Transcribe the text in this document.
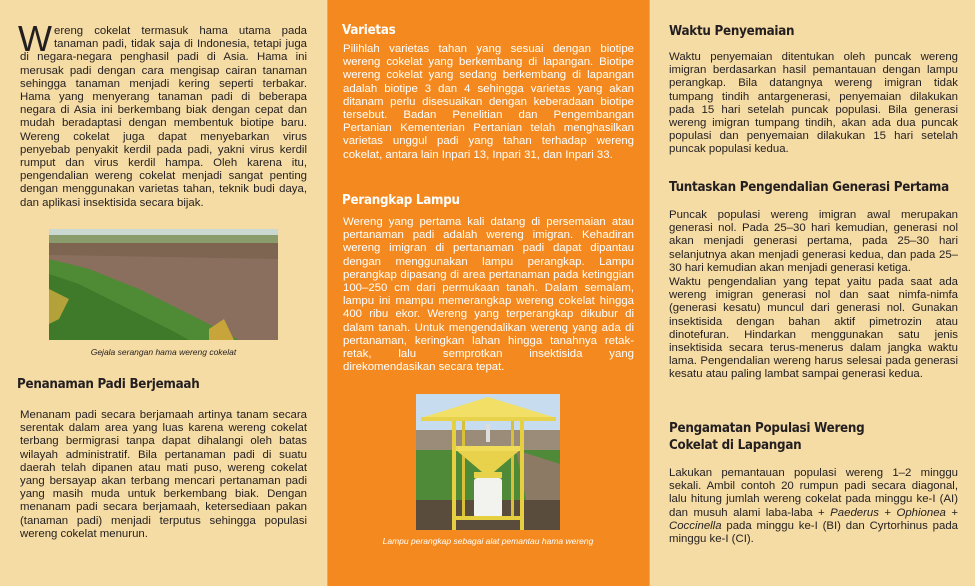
Wereng cokelat termasuk hama utama pada tanaman padi, tidak saja di Indonesia, tetapi juga di negara-negara penghasil padi di Asia. Hama ini merusak padi dengan cara mengisap cairan tanaman sehingga tanaman menjadi kering seperti terbakar. Hama yang menyerang tanaman padi di beberapa negara di Asia ini berkembang biak dengan cepat dan mudah beradaptasi dengan membentuk biotipe baru. Wereng cokelat juga dapat menyebarkan virus penyebab penyakit kerdil pada padi, yakni virus kerdil rumput dan virus kerdil hampa. Oleh karena itu, pengendalian wereng cokelat menjadi sangat penting dengan menggunakan varietas tahan, teknik budi daya, dan aplikasi insektisida secara bijak.

Gejala serangan hama wereng cokelat

Penanaman Padi Berjemaah

Menanam padi secara berjamaah artinya tanam secara serentak dalam area yang luas karena wereng cokelat terbang bermigrasi tanpa dapat dihalangi oleh batas wilayah administratif. Bila pertanaman padi di suatu daerah telah dipanen atau mati puso, wereng cokelat yang bersayap akan terbang mencari pertanaman padi yang masih muda untuk berkembang biak. Dengan menanam padi secara berjamaah, ketersediaan pakan (tanaman padi) menjadi terputus sehingga populasi wereng cokelat menurun.

Varietas

Pilihlah varietas tahan yang sesuai dengan biotipe wereng cokelat yang berkembang di lapangan. Biotipe wereng cokelat yang sedang berkembang di lapangan adalah biotipe 3 dan 4 sehingga varietas yang akan ditanam perlu disesuaikan dengan keberadaan biotipe tersebut. Badan Penelitian dan Pengembangan Pertanian Kementerian Pertanian telah menghasilkan varietas unggul padi yang tahan terhadap wereng cokelat, antara lain Inpari 13, Inpari 31, dan Inpari 33.

Perangkap Lampu

Wereng yang pertama kali datang di persemaian atau pertanaman padi adalah wereng imigran. Kehadiran wereng imigran di pertanaman padi dapat dipantau dengan menggunakan lampu perangkap. Lampu perangkap dipasang di area pertanaman pada ketinggian 100–250 cm dari permukaan tanah. Dalam semalam, lampu ini mampu memerangkap wereng cokelat hingga 400 ribu ekor. Wereng yang terperangkap dikubur di dalam tanah. Untuk mengendalikan wereng yang ada di pertanaman, keringkan lahan hingga tanahnya retak-retak, lalu semprotkan insektisida yang direkomendasikan secara tepat.

Lampu perangkap sebagai alat pemantau hama wereng

Waktu Penyemaian

Waktu penyemaian ditentukan oleh puncak wereng imigran berdasarkan hasil pemantauan dengan lampu perangkap. Bila datangnya wereng imigran tidak tumpang tindih antargenerasi, penyemaian dilakukan pada 15 hari setelah puncak populasi. Bila generasi wereng imigran tumpang tindih, akan ada dua puncak populasi dan penyemaian dilakukan 15 hari setelah puncak populasi kedua.

Tuntaskan Pengendalian Generasi Pertama

Puncak populasi wereng imigran awal merupakan generasi nol. Pada 25–30 hari kemudian, generasi nol akan menjadi generasi pertama, pada 25–30 hari selanjutnya akan menjadi generasi kedua, dan pada 25–30 hari kemudian akan menjadi generasi ketiga.

Waktu pengendalian yang tepat yaitu pada saat ada wereng imigran generasi nol dan saat nimfa-nimfa (generasi kesatu) muncul dari generasi nol. Gunakan insektisida dengan bahan aktif pimetrozin atau dinotefuran. Hindarkan menggunakan satu jenis insektisida secara terus-menerus dalam jangka waktu lama. Pengendalian wereng harus selesai pada generasi kesatu atau paling lambat sampai generasi kedua.

Pengamatan Populasi Wereng Cokelat di Lapangan

Lakukan pemantauan populasi wereng 1–2 minggu sekali. Ambil contoh 20 rumpun padi secara diagonal, lalu hitung jumlah wereng cokelat pada minggu ke-I (AI) dan musuh alami laba-laba + Paederus + Ophionea + Coccinella pada minggu ke-I (BI) dan Cyrtorhinus pada minggu ke-I (CI).
